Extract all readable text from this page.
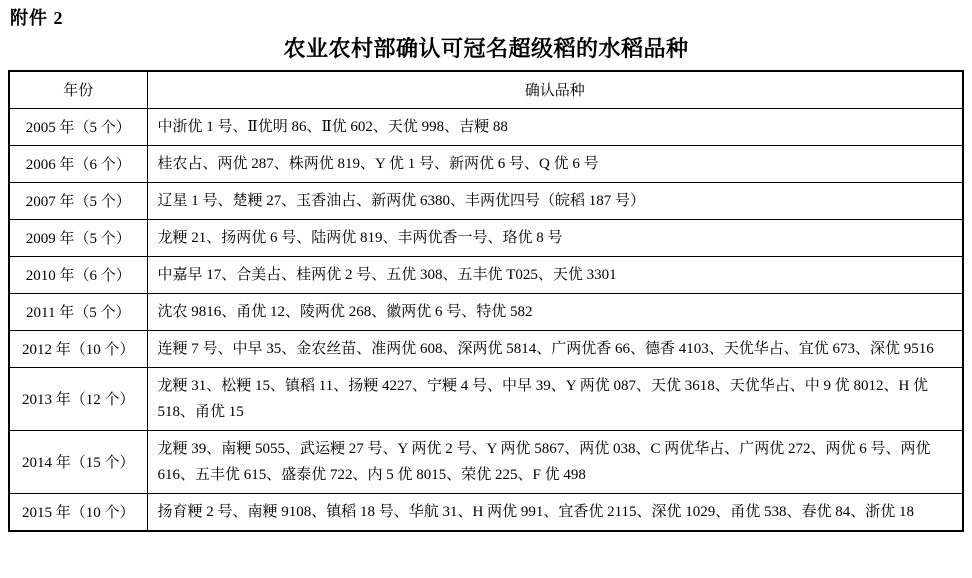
附件 2
农业农村部确认可冠名超级稻的水稻品种
年份	确认品种
2005 年（5 个）	中浙优 1 号、Ⅱ优明 86、Ⅱ优 602、天优 998、吉粳 88
2006 年（6 个）	桂农占、两优 287、株两优 819、Y 优 1 号、新两优 6 号、Q 优 6 号
2007 年（5 个）	辽星 1 号、楚粳 27、玉香油占、新两优 6380、丰两优四号（皖稻 187 号）
2009 年（5 个）	龙粳 21、扬两优 6 号、陆两优 819、丰两优香一号、珞优 8 号
2010 年（6 个）	中嘉早 17、合美占、桂两优 2 号、五优 308、五丰优 T025、天优 3301
2011 年（5 个）	沈农 9816、甬优 12、陵两优 268、徽两优 6 号、特优 582
2012 年（10 个）	连粳 7 号、中早 35、金农丝苗、准两优 608、深两优 5814、广两优香 66、德香 4103、天优华占、宜优 673、深优 9516
2013 年（12 个）	龙粳 31、松粳 15、镇稻 11、扬粳 4227、宁粳 4 号、中早 39、Y 两优 087、天优 3618、天优华占、中 9 优 8012、H 优 518、甬优 15
2014 年（15 个）	龙粳 39、南粳 5055、武运粳 27 号、Y 两优 2 号、Y 两优 5867、两优 038、C 两优华占、广两优 272、两优 6 号、两优 616、五丰优 615、盛泰优 722、内 5 优 8015、荣优 225、F 优 498
2015 年（10 个）	扬育粳 2 号、南粳 9108、镇稻 18 号、华航 31、H 两优 991、宜香优 2115、深优 1029、甬优 538、春优 84、浙优 18
